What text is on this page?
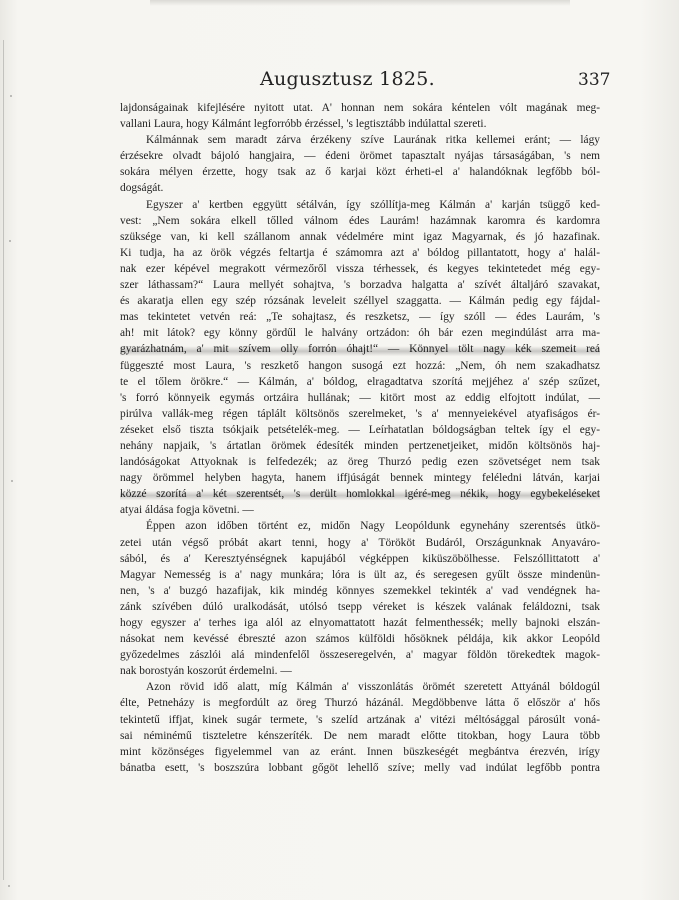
Augusztusz 1825.	337
lajdonságainak kifejlésére nyitott utat. A' honnan nem sokára kéntelen vólt magának meg-
vallani Laura, hogy Kálmánt legforróbb érzéssel, 's legtisztább indúlattal szereti.
Kálmánnak sem maradt zárva érzékeny szíve Laurának ritka kellemei eránt; — lágy
érzésekre olvadt bájoló hangjaira, — édeni örömet tapasztalt nyájas társaságában, 's nem
sokára mélyen érzette, hogy tsak az ő karjai közt érheti-el a' halandóknak legfőbb ból-
dogságát.
Egyszer a' kertben eggyütt sétálván, így szóllítja-meg Kálmán a' karján tsüggő ked-
vest: „Nem sokára elkell tőlled válnom édes Laurám! hazámnak karomra és kardomra
szüksége van, ki kell szállanom annak védelmére mint igaz Magyarnak, és jó hazafinak.
Ki tudja, ha az örök végzés feltartja é számomra azt a' bóldog pillantatott, hogy a' halál-
nak ezer képével megrakott vérmezőről vissza térhessek, és kegyes tekintetedet még egy-
szer láthassam?“ Laura mellyét sohajtva, 's borzadva halgatta a' szívét általjáró szavakat,
és akaratja ellen egy szép rózsának leveleit széllyel szaggatta. — Kálmán pedig egy fájdal-
mas tekintetet vetvén reá: „Te sohajtasz, és reszketsz, — így szóll — édes Laurám, 's
ah! mit látok? egy könny gördűl le halvány ortzádon: óh bár ezen megindúlást arra ma-
gyarázhatnám, a' mit szívem olly forrón óhajt!“ — Könnyel tölt nagy kék szemeit reá
függeszté most Laura, 's reszkető hangon susogá ezt hozzá: „Nem, óh nem szakadhatsz
te el tőlem örökre.“ — Kálmán, a' bóldog, elragadtatva szorítá mejjéhez a' szép szűzet,
's forró könnyeik egymás ortzáira hullának; — kitört most az eddig elfojtott indúlat, —
pirúlva vallák-meg régen táplált költsönös szerelmeket, 's a' mennyeiekével atyafiságos ér-
zéseket első tiszta tsókjaik petsételék-meg. — Leírhatatlan bóldogságban teltek így el egy-
nehány napjaik, 's ártatlan örömek édesíték minden pertzenetjeiket, midőn költsönös haj-
landóságokat Attyoknak is felfedezék; az öreg Thurzó pedig ezen szövetséget nem tsak
nagy örömmel helyben hagyta, hanem iffjúságát bennek mintegy feléledni látván, karjai
közzé szorítá a' két szerentsét, 's derült homlokkal igéré-meg nékik, hogy egybekeléseket
atyai áldása fogja követni. —
Éppen azon időben történt ez, midőn Nagy Leopóldunk egynehány szerentsés ütkö-
zetei után végső próbát akart tenni, hogy a' Törököt Budáról, Országunknak Anyaváro-
sából, és a' Keresztyénségnek kapujából végképpen kiküszöbölhesse. Felszóllittatott a'
Magyar Nemesség is a' nagy munkára; lóra is ült az, és seregesen gyűlt össze mindenün-
nen, 's a' buzgó hazafijak, kik mindég könnyes szemekkel tekinték a' vad vendégnek ha-
zánk szívében dúló uralkodását, utólsó tsepp véreket is készek valának feláldozni, tsak
hogy egyszer a' terhes iga alól az elnyomattatott hazát felmenthessék; melly bajnoki elszán-
násokat nem kevéssé ébreszté azon számos külföldi hősöknek példája, kik akkor Leopóld
győzedelmes zászlói alá mindenfelől összeseregelvén, a' magyar földön törekedtek magok-
nak borostyán koszorút érdemelni. —
Azon rövid idő alatt, míg Kálmán a' visszonlátás örömét szeretett Attyánál bóldogúl
élte, Petneházy is megfordúlt az öreg Thurzó házánál. Megdöbbenve látta ő először a' hős
tekintetű iffjat, kinek sugár termete, 's szelíd artzának a' vitézi méltósággal párosúlt voná-
sai néminémű tiszteletre kénszeríték. De nem maradt előtte titokban, hogy Laura több
mint közönséges figyelemmel van az eránt. Innen büszkeségét megbántva érezvén, irígy
bánatba esett, 's boszszúra lobbant gőgöt lehellő szíve; melly vad indúlat legfőbb pontra
